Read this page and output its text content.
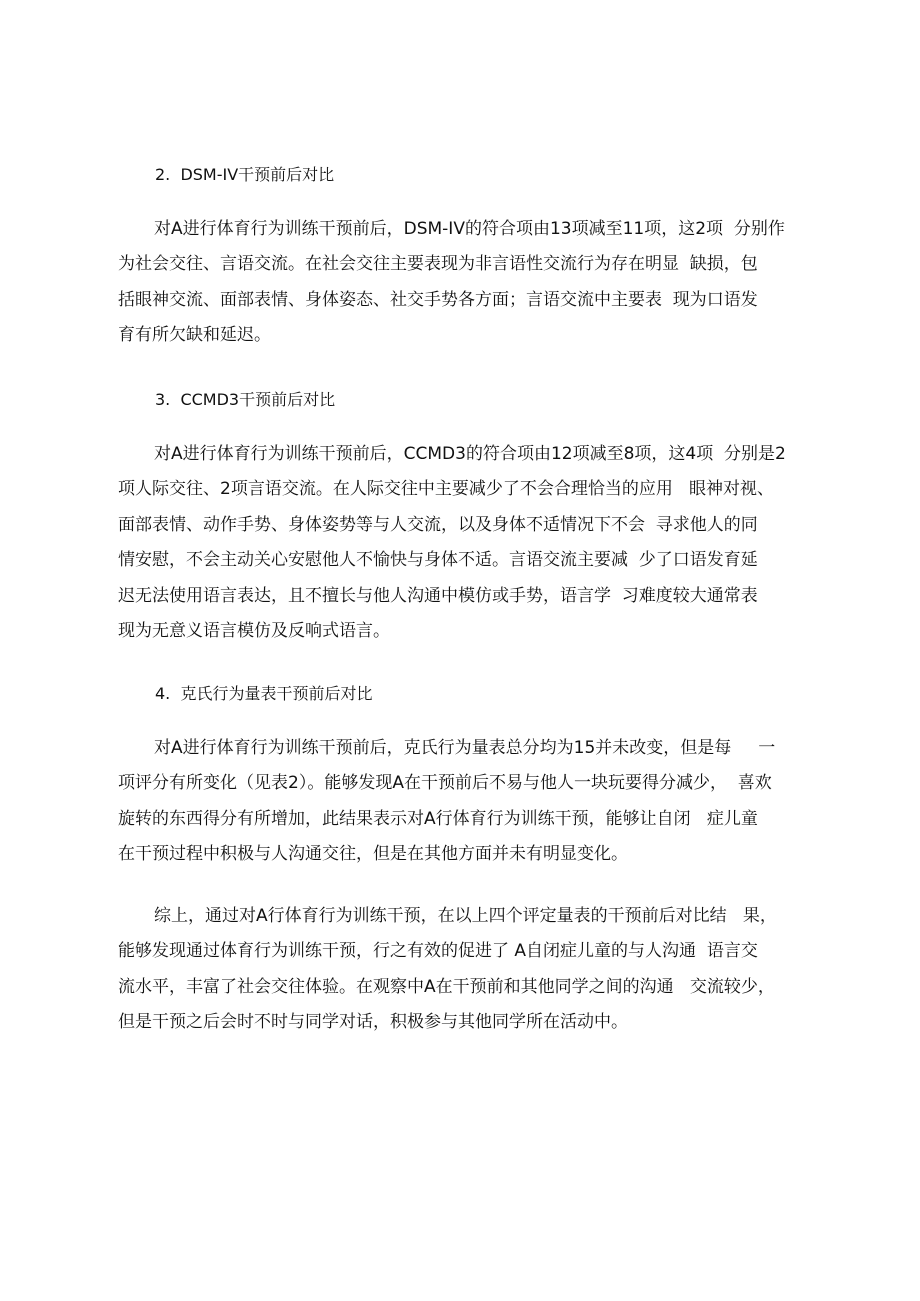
2.  DSM-IV干预前后对比
对A进行体育行为训练干预前后，DSM-IV的符合项由13项减至11项，这2项  分别作
为社会交往、言语交流。在社会交往主要表现为非言语性交流行为存在明显  缺损，包
括眼神交流、面部表情、身体姿态、社交手势各方面；言语交流中主要表  现为口语发
育有所欠缺和延迟。
3.  CCMD3干预前后对比
对A进行体育行为训练干预前后，CCMD3的符合项由12项减至8项，这4项  分别是2
项人际交往、2项言语交流。在人际交往中主要减少了不会合理恰当的应用   眼神对视、
面部表情、动作手势、身体姿势等与人交流，以及身体不适情况下不会  寻求他人的同
情安慰，不会主动关心安慰他人不愉快与身体不适。言语交流主要减  少了口语发育延
迟无法使用语言表达，且不擅长与他人沟通中模仿或手势，语言学  习难度较大通常表
现为无意义语言模仿及反响式语言。
4.  克氏行为量表干预前后对比
对A进行体育行为训练干预前后，克氏行为量表总分均为15并未改变，但是每     一
项评分有所变化（见表2）。能够发现A在干预前后不易与他人一块玩要得分减少，  喜欢
旋转的东西得分有所增加，此结果表示对A行体育行为训练干预，能够让自闭   症儿童
在干预过程中积极与人沟通交往，但是在其他方面并未有明显变化。
综上，通过对A行体育行为训练干预，在以上四个评定量表的干预前后对比结   果，
能够发现通过体育行为训练干预，行之有效的促进了 A自闭症儿童的与人沟通  语言交
流水平，丰富了社会交往体验。在观察中A在干预前和其他同学之间的沟通   交流较少，
但是干预之后会时不时与同学对话，积极参与其他同学所在活动中。
